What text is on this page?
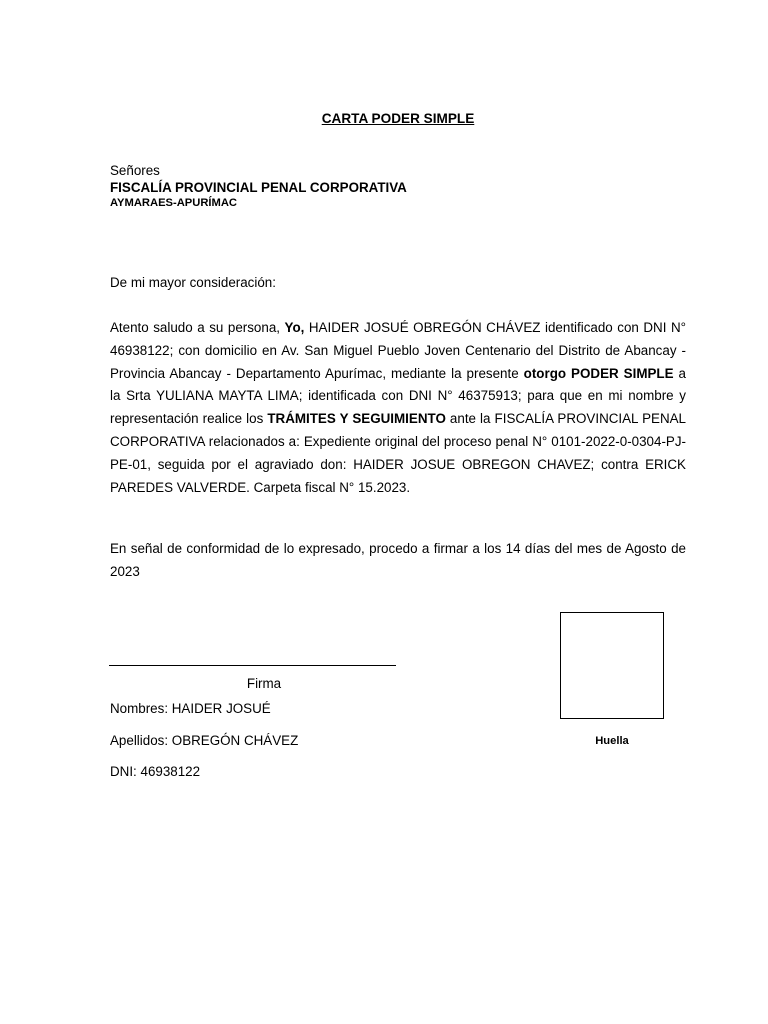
CARTA PODER SIMPLE
Señores
FISCALÍA PROVINCIAL PENAL CORPORATIVA
AYMARAES-APURÍMAC
De mi mayor consideración:
Atento saludo a su persona, Yo, HAIDER JOSUÉ OBREGÓN CHÁVEZ identificado con DNI N° 46938122; con domicilio en Av. San Miguel Pueblo Joven Centenario del Distrito de Abancay - Provincia Abancay - Departamento Apurímac, mediante la presente otorgo PODER SIMPLE a la Srta YULIANA MAYTA LIMA; identificada con DNI N° 46375913; para que en mi nombre y representación realice los TRÁMITES Y SEGUIMIENTO ante la FISCALÍA PROVINCIAL PENAL CORPORATIVA relacionados a: Expediente original del proceso penal N° 0101-2022-0-0304-PJ-PE-01, seguida por el agraviado don: HAIDER JOSUE OBREGON CHAVEZ; contra ERICK PAREDES VALVERDE. Carpeta fiscal N° 15.2023.
En señal de conformidad de lo expresado, procedo a firmar a los 14 días del mes de Agosto de 2023
Firma
Nombres: HAIDER JOSUÉ
Apellidos: OBREGÓN CHÁVEZ
DNI: 46938122
Huella
